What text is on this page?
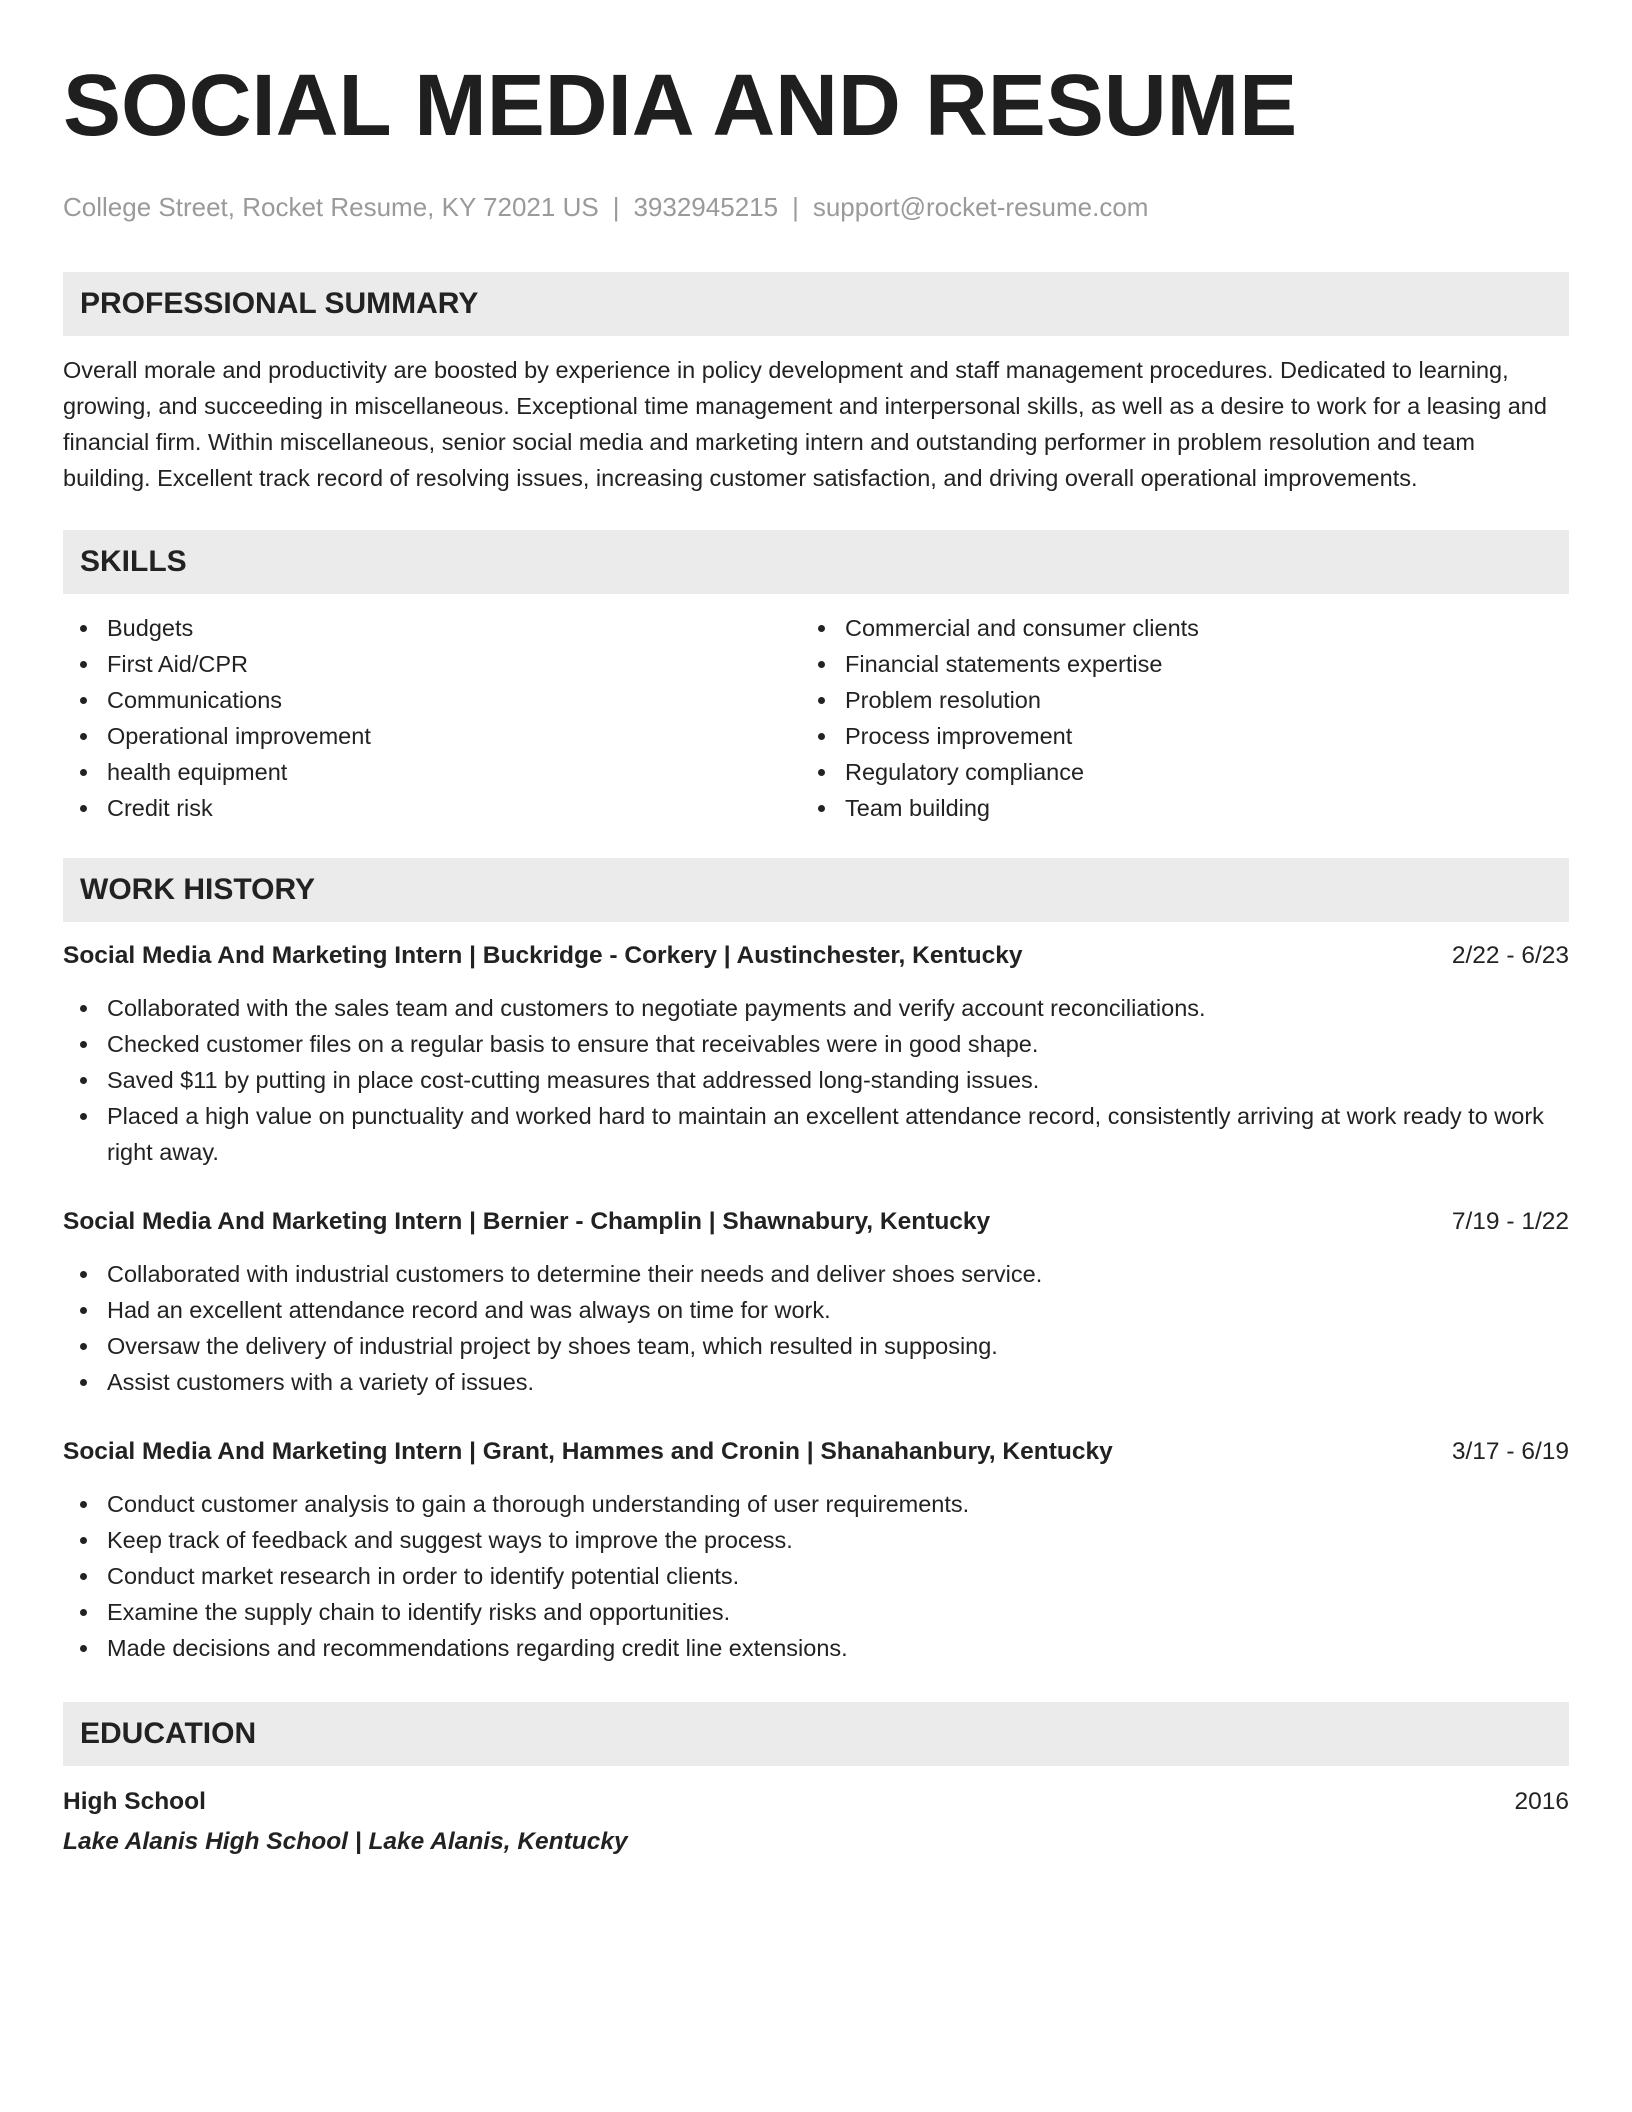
SOCIAL MEDIA AND RESUME
College Street, Rocket Resume, KY 72021 US | 3932945215 | support@rocket-resume.com
PROFESSIONAL SUMMARY

Overall morale and productivity are boosted by experience in policy development and staff management procedures. Dedicated to learning, growing, and succeeding in miscellaneous. Exceptional time management and interpersonal skills, as well as a desire to work for a leasing and financial firm. Within miscellaneous, senior social media and marketing intern and outstanding performer in problem resolution and team building. Excellent track record of resolving issues, increasing customer satisfaction, and driving overall operational improvements.

SKILLS
Budgets
First Aid/CPR
Communications
Operational improvement
health equipment
Credit risk
Commercial and consumer clients
Financial statements expertise
Problem resolution
Process improvement
Regulatory compliance
Team building
WORK HISTORY
Social Media And Marketing Intern | Buckridge - Corkery | Austinchester, Kentucky	2/22 - 6/23
Collaborated with the sales team and customers to negotiate payments and verify account reconciliations.
Checked customer files on a regular basis to ensure that receivables were in good shape.
Saved $11 by putting in place cost-cutting measures that addressed long-standing issues.
Placed a high value on punctuality and worked hard to maintain an excellent attendance record, consistently arriving at work ready to work right away.
Social Media And Marketing Intern | Bernier - Champlin | Shawnabury, Kentucky	7/19 - 1/22
Collaborated with industrial customers to determine their needs and deliver shoes service.
Had an excellent attendance record and was always on time for work.
Oversaw the delivery of industrial project by shoes team, which resulted in supposing.
Assist customers with a variety of issues.
Social Media And Marketing Intern | Grant, Hammes and Cronin | Shanahanbury, Kentucky	3/17 - 6/19
Conduct customer analysis to gain a thorough understanding of user requirements.
Keep track of feedback and suggest ways to improve the process.
Conduct market research in order to identify potential clients.
Examine the supply chain to identify risks and opportunities.
Made decisions and recommendations regarding credit line extensions.
EDUCATION
High School	2016
Lake Alanis High School | Lake Alanis, Kentucky
